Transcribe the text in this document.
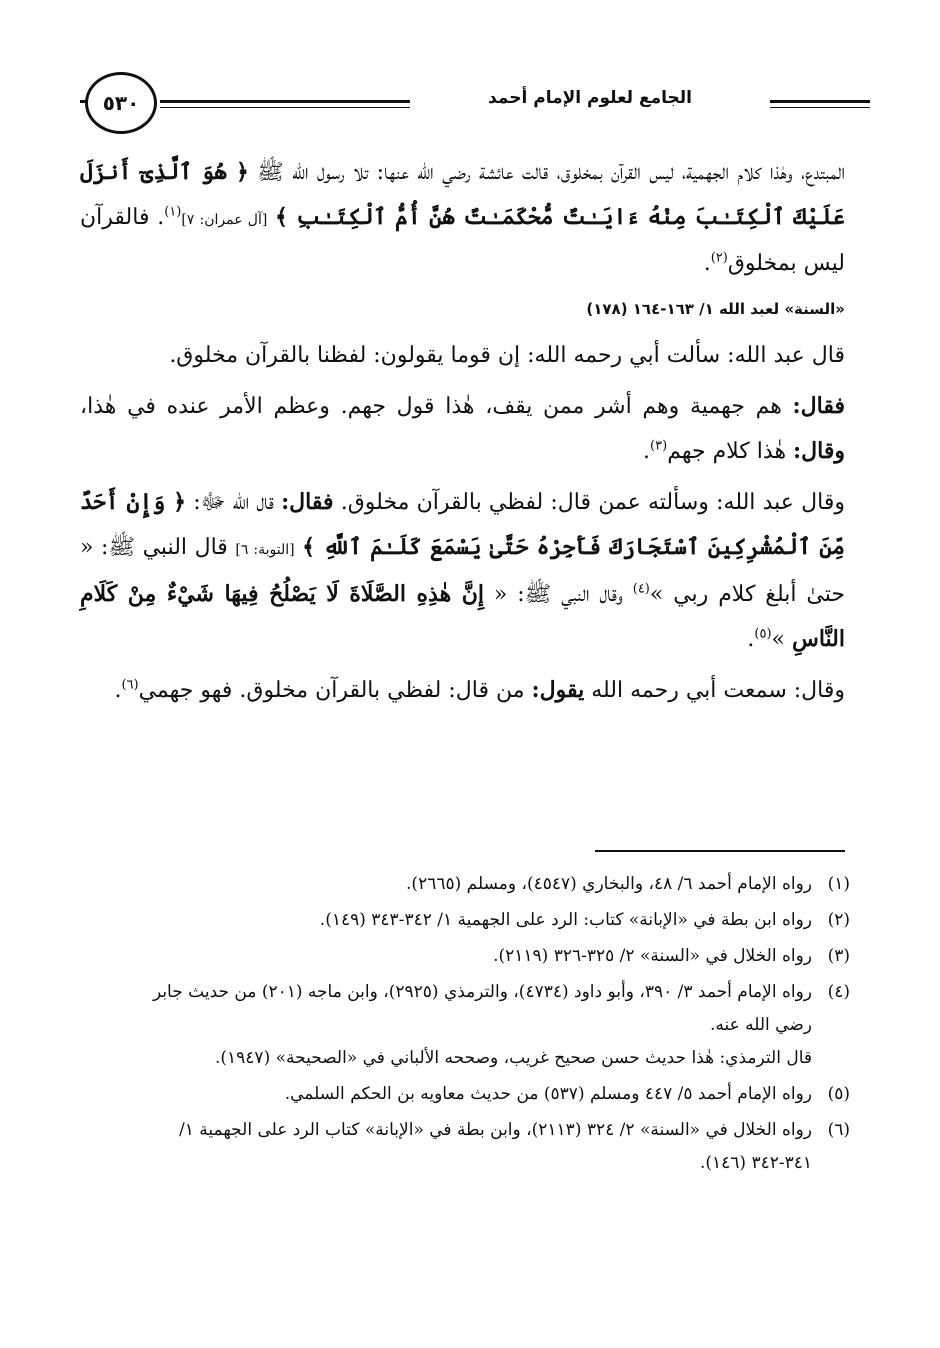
٥٣٠	الجامع لعلوم الإمام أحمد

المبتدع، وهٰذا كلام الجهمية، ليس القرآن بمخلوق، قالت عائشة رضي الله عنها: تلا رسول الله ﷺ ﴿ هُوَ ٱلَّذِىٓ أَنزَلَ عَلَيْكَ ٱلْكِتَـٰبَ مِنْهُ ءَايَـٰتٌ مُّحْكَمَـٰتٌ هُنَّ أُمُّ ٱلْكِتَـٰبِ ﴾ [آل عمران: ٧]$^{(١)}$. فالقرآن ليس بمخلوق$^{(٢)}$.

«السنة» لعبد الله ١/ ١٦٣-١٦٤ (١٧٨)

قال عبد الله: سألت أبي رحمه الله: إن قوما يقولون: لفظنا بالقرآن مخلوق.

فقال: هم جهمية وهم أشر ممن يقف، هٰذا قول جهم. وعظم الأمر عنده في هٰذا، وقال: هٰذا كلام جهم$^{(٣)}$.

وقال عبد الله: وسألته عمن قال: لفظي بالقرآن مخلوق. فقال: قال الله ﷻ: ﴿ وَإِنْ أَحَدٌ مِّنَ ٱلْمُشْرِكِينَ ٱسْتَجَارَكَ فَأَجِرْهُ حَتَّىٰ يَسْمَعَ كَلَـٰمَ ٱللَّهِ ﴾ [التوبة: ٦] قال النبي ﷺ: « حتىٰ أبلغ كلام ربي »$^{(٤)}$ وقال النبي ﷺ: « إِنَّ هٰذِهِ الصَّلَاةَ لَا يَصْلُحُ فِيهَا شَيْءٌ مِنْ كَلَامِ النَّاسِ »$^{(٥)}$.

وقال: سمعت أبي رحمه الله يقول: من قال: لفظي بالقرآن مخلوق. فهو جهمي$^{(٦)}$.

(١)
رواه الإمام أحمد ٦/ ٤٨، والبخاري (٤٥٤٧)، ومسلم (٢٦٦٥).
(٢)
رواه ابن بطة في «الإبانة» كتاب: الرد على الجهمية ١/ ٣٤٢-٣٤٣ (١٤٩).
(٣)
رواه الخلال في «السنة» ٢/ ٣٢٥-٣٢٦ (٢١١٩).
(٤)
رواه الإمام أحمد ٣/ ٣٩٠، وأبو داود (٤٧٣٤)، والترمذي (٢٩٢٥)، وابن ماجه (٢٠١) من حديث جابر رضي الله عنه.
قال الترمذي: هٰذا حديث حسن صحيح غريب، وصححه الألباني في «الصحيحة» (١٩٤٧).
(٥)
رواه الإمام أحمد ٥/ ٤٤٧ ومسلم (٥٣٧) من حديث معاويه بن الحكم السلمي.
(٦)
رواه الخلال في «السنة» ٢/ ٣٢٤ (٢١١٣)، وابن بطة في «الإبانة» كتاب الرد على الجهمية ١/ ٣٤١-٣٤٢ (١٤٦).
